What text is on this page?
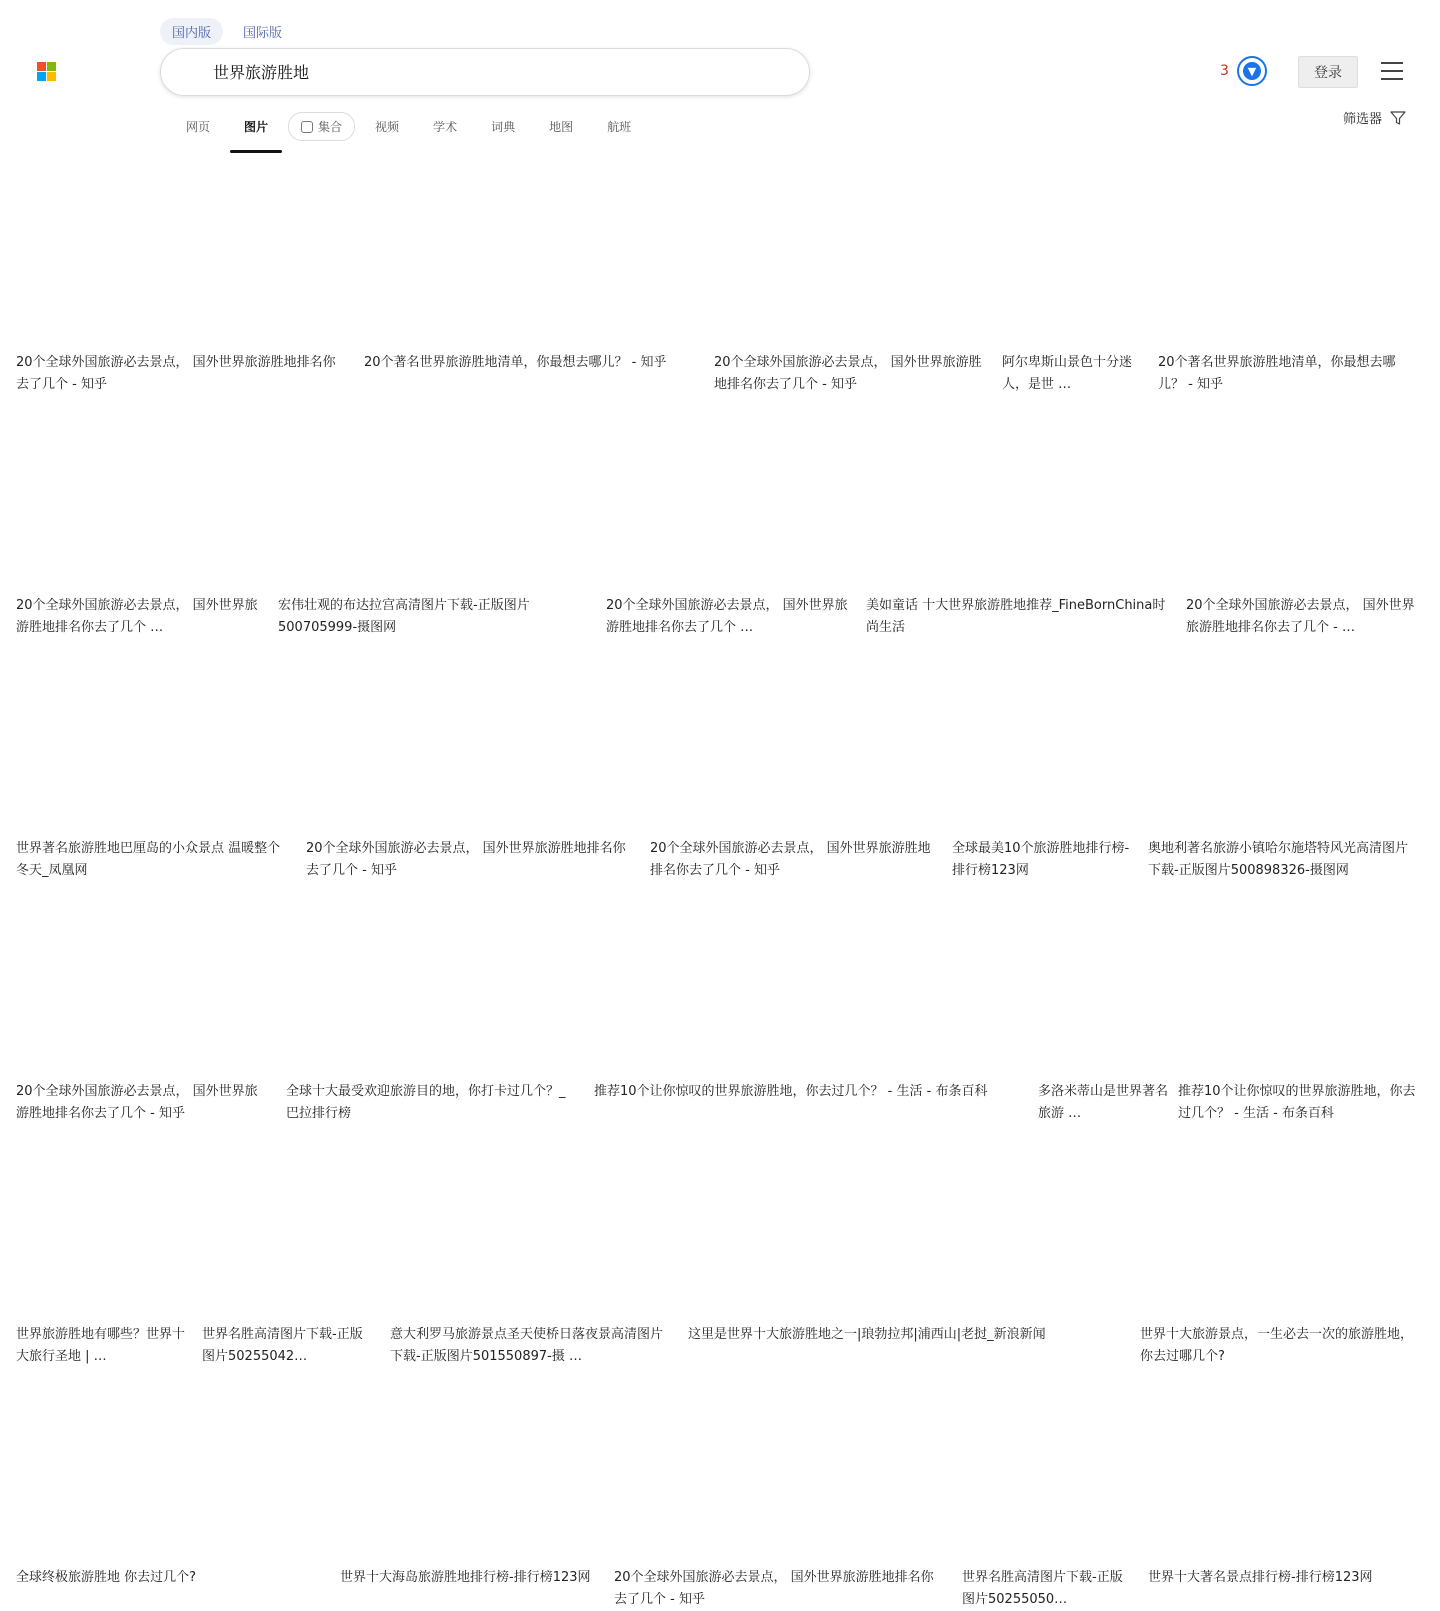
国内版	国际版
世界旅游胜地
3	▼	登录
网页	图片	集合	视频	学术	词典	地图	航班	筛选器
20个全球外国旅游必去景点， 国外世界旅游胜地排名你去了几个 - 知乎
20个著名世界旅游胜地清单，你最想去哪儿？ - 知乎	20个全球外国旅游必去景点， 国外世界旅游胜地排名你去了几个 - 知乎
阿尔卑斯山景色十分迷人，是世 …
20个著名世界旅游胜地清单，你最想去哪儿？ - 知乎
20个全球外国旅游必去景点， 国外世界旅游胜地排名你去了几个 …
宏伟壮观的布达拉宫高清图片下载-正版图片500705999-摄图网
20个全球外国旅游必去景点， 国外世界旅游胜地排名你去了几个 …
美如童话 十大世界旅游胜地推荐_FineBornChina时尚生活
20个全球外国旅游必去景点， 国外世界旅游胜地排名你去了几个 - …
世界著名旅游胜地巴厘岛的小众景点 温暖整个冬天_凤凰网
20个全球外国旅游必去景点， 国外世界旅游胜地排名你去了几个 - 知乎
20个全球外国旅游必去景点， 国外世界旅游胜地排名你去了几个 - 知乎
全球最美10个旅游胜地排行榜-排行榜123网
奥地利著名旅游小镇哈尔施塔特风光高清图片下载-正版图片500898326-摄图网
20个全球外国旅游必去景点， 国外世界旅游胜地排名你去了几个 - 知乎
全球十大最受欢迎旅游目的地，你打卡过几个？_巴拉排行榜
推荐10个让你惊叹的世界旅游胜地，你去过几个？ - 生活 - 布条百科	多洛米蒂山是世界著名旅游 …
推荐10个让你惊叹的世界旅游胜地，你去过几个？ - 生活 - 布条百科
世界旅游胜地有哪些？世界十大旅行圣地 | …
世界名胜高清图片下载-正版图片50255042…
意大利罗马旅游景点圣天使桥日落夜景高清图片下载-正版图片501550897-摄 …
这里是世界十大旅游胜地之一|琅勃拉邦|浦西山|老挝_新浪新闻	世界十大旅游景点，一生必去一次的旅游胜地，你去过哪几个?
全球终极旅游胜地 你去过几个?	世界十大海岛旅游胜地排行榜-排行榜123网	20个全球外国旅游必去景点， 国外世界旅游胜地排名你去了几个 - 知乎
世界名胜高清图片下载-正版图片50255050…
世界十大著名景点排行榜-排行榜123网
